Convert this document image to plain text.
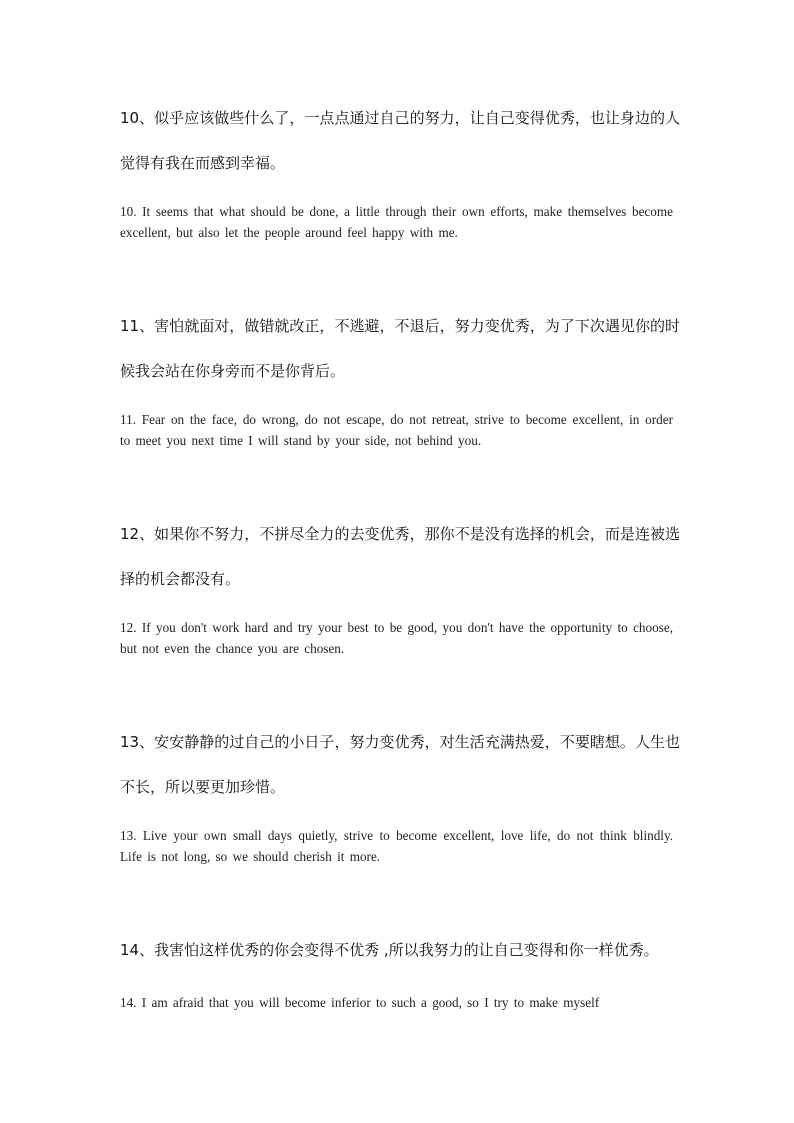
10、似乎应该做些什么了，一点点通过自己的努力，让自己变得优秀，也让身边的人觉得有我在而感到幸福。

10. It seems that what should be done, a little through their own efforts, make themselves become excellent, but also let the people around feel happy with me.

11、害怕就面对，做错就改正，不逃避，不退后，努力变优秀，为了下次遇见你的时候我会站在你身旁而不是你背后。

11. Fear on the face, do wrong, do not escape, do not retreat, strive to become excellent, in order to meet you next time I will stand by your side, not behind you.

12、如果你不努力，不拼尽全力的去变优秀，那你不是没有选择的机会，而是连被选择的机会都没有。

12. If you don't work hard and try your best to be good, you don't have the opportunity to choose, but not even the chance you are chosen.

13、安安静静的过自己的小日子，努力变优秀，对生活充满热爱，不要瞎想。人生也不长，所以要更加珍惜。

13. Live your own small days quietly, strive to become excellent, love life, do not think blindly. Life is not long, so we should cherish it more.

14、我害怕这样优秀的你会变得不优秀 ,所以我努力的让自己变得和你一样优秀。

14. I am afraid that you will become inferior to such a good, so I try to make myself
